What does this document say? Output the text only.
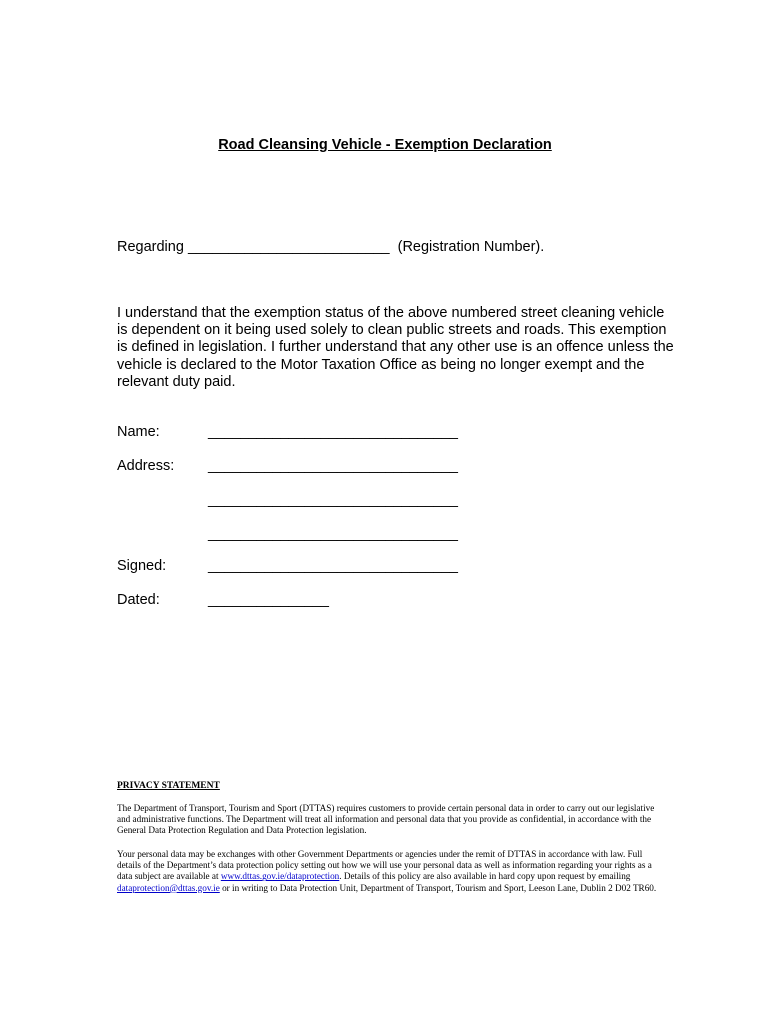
Road Cleansing Vehicle - Exemption Declaration
Regarding _________________________ (Registration Number).

I understand that the exemption status of the above numbered street cleaning vehicle is dependent on it being used solely to clean public streets and roads. This exemption is defined in legislation. I further understand that any other use is an offence unless the vehicle is declared to the Motor Taxation Office as being no longer exempt and the relevant duty paid.

Name:	_______________________________
Address: _______________________________
_______________________________
_______________________________
Signed:	_______________________________
Dated:	_______________
PRIVACY STATEMENT

The Department of Transport, Tourism and Sport (DTTAS) requires customers to provide certain personal data in order to carry out our legislative and administrative functions. The Department will treat all information and personal data that you provide as confidential, in accordance with the General Data Protection Regulation and Data Protection legislation.

Your personal data may be exchanges with other Government Departments or agencies under the remit of DTTAS in accordance with law. Full details of the Department’s data protection policy setting out how we will use your personal data as well as information regarding your rights as a data subject are available at www.dttas.gov.ie/dataprotection. Details of this policy are also available in hard copy upon request by emailing dataprotection@dttas.gov.ie or in writing to Data Protection Unit, Department of Transport, Tourism and Sport, Leeson Lane, Dublin 2 D02 TR60.
